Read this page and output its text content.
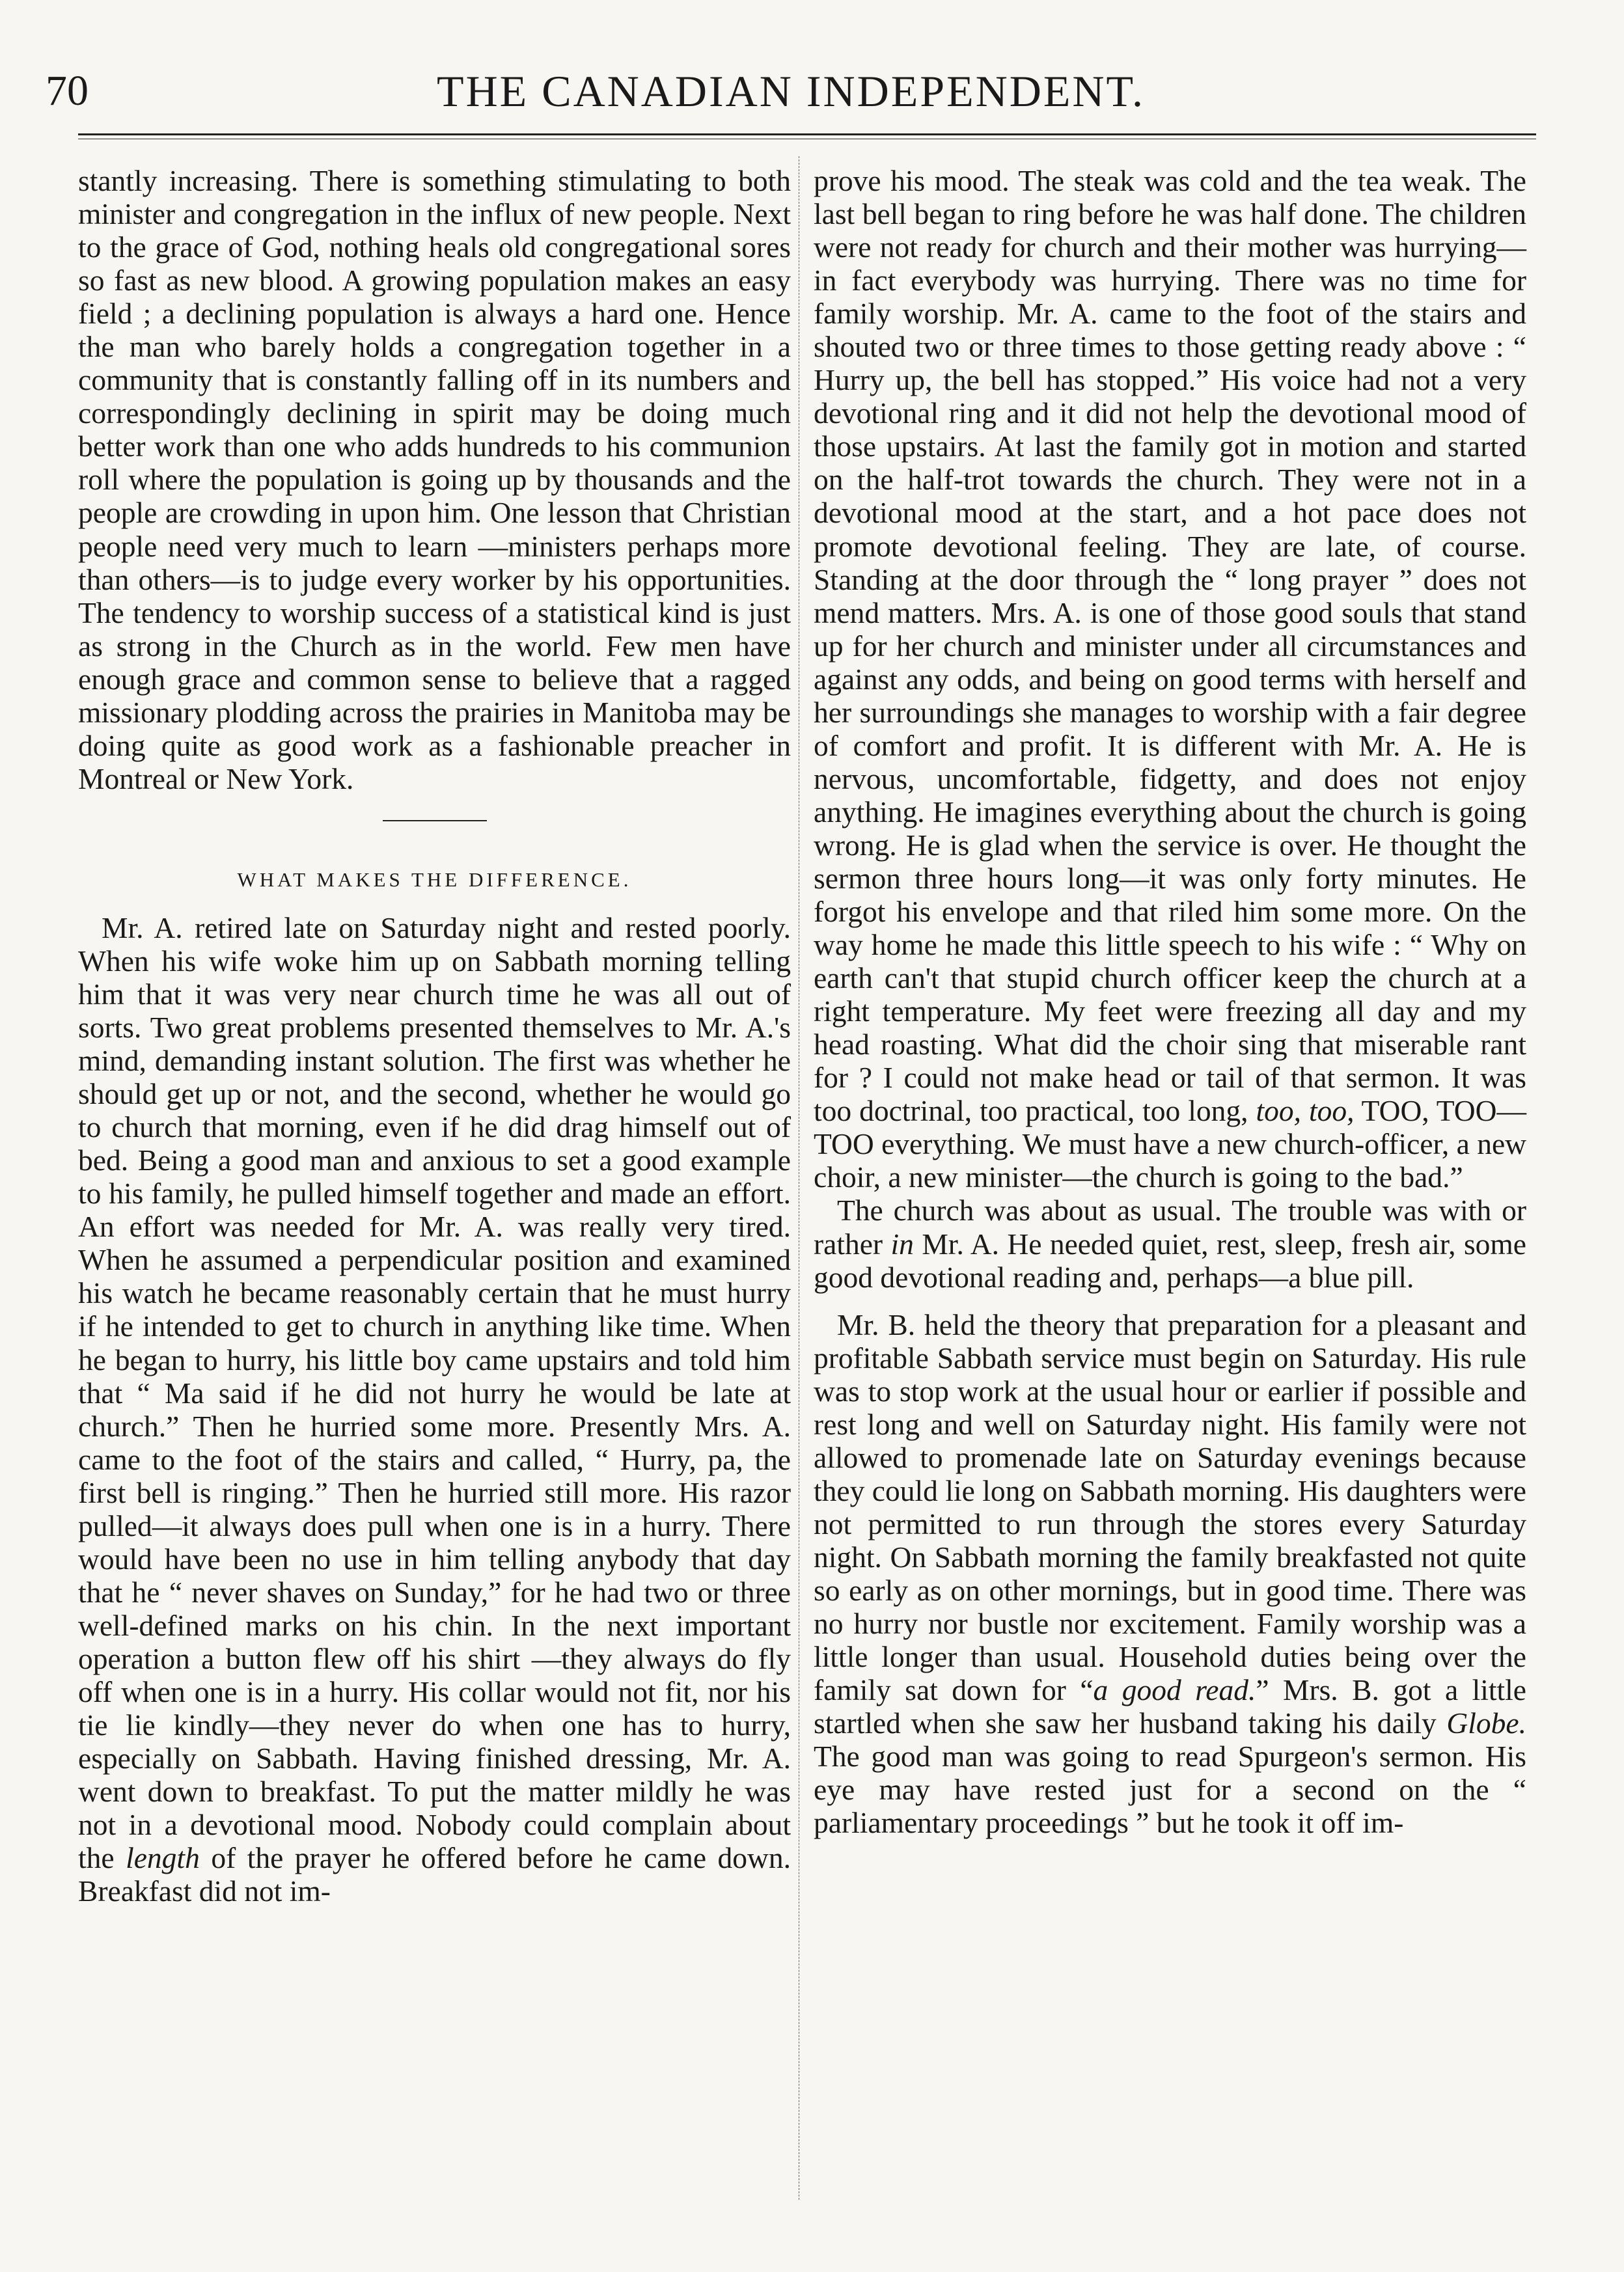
70	THE CANADIAN INDEPENDENT.

stantly increasing. There is something stimulating to both minister and congregation in the influx of new people. Next to the grace of God, nothing heals old congregational sores so fast as new blood. A growing population makes an easy field ; a declining population is always a hard one. Hence the man who barely holds a congregation together in a community that is constantly falling off in its numbers and correspondingly declining in spirit may be doing much better work than one who adds hundreds to his communion roll where the population is going up by thousands and the people are crowding in upon him. One lesson that Christian people need very much to learn —ministers perhaps more than others—is to judge every worker by his opportunities. The tendency to worship success of a statistical kind is just as strong in the Church as in the world. Few men have enough grace and common sense to believe that a ragged missionary plodding across the prairies in Manitoba may be doing quite as good work as a fashionable preacher in Montreal or New York.

WHAT MAKES THE DIFFERENCE.

Mr. A. retired late on Saturday night and rested poorly. When his wife woke him up on Sabbath morning telling him that it was very near church time he was all out of sorts. Two great problems presented themselves to Mr. A.'s mind, demanding instant solution. The first was whether he should get up or not, and the second, whether he would go to church that morning, even if he did drag himself out of bed. Being a good man and anxious to set a good example to his family, he pulled himself together and made an effort. An effort was needed for Mr. A. was really very tired. When he assumed a perpendicular position and examined his watch he became reasonably certain that he must hurry if he intended to get to church in anything like time. When he began to hurry, his little boy came upstairs and told him that “ Ma said if he did not hurry he would be late at church.” Then he hurried some more. Presently Mrs. A. came to the foot of the stairs and called, “ Hurry, pa, the first bell is ringing.” Then he hurried still more. His razor pulled—it always does pull when one is in a hurry. There would have been no use in him telling anybody that day that he “ never shaves on Sunday,” for he had two or three well-defined marks on his chin. In the next important operation a button flew off his shirt —they always do fly off when one is in a hurry. His collar would not fit, nor his tie lie kindly—they never do when one has to hurry, especially on Sabbath. Having finished dressing, Mr. A. went down to breakfast. To put the matter mildly he was not in a devotional mood. Nobody could complain about the length of the prayer he offered before he came down. Breakfast did not im-

prove his mood. The steak was cold and the tea weak. The last bell began to ring before he was half done. The children were not ready for church and their mother was hurrying—in fact everybody was hurrying. There was no time for family worship. Mr. A. came to the foot of the stairs and shouted two or three times to those getting ready above : “ Hurry up, the bell has stopped.” His voice had not a very devotional ring and it did not help the devotional mood of those upstairs. At last the family got in motion and started on the half-trot towards the church. They were not in a devotional mood at the start, and a hot pace does not promote devotional feeling. They are late, of course. Standing at the door through the “ long prayer ” does not mend matters. Mrs. A. is one of those good souls that stand up for her church and minister under all circumstances and against any odds, and being on good terms with herself and her surroundings she manages to worship with a fair degree of comfort and profit. It is different with Mr. A. He is nervous, uncomfortable, fidgetty, and does not enjoy anything. He imagines everything about the church is going wrong. He is glad when the service is over. He thought the sermon three hours long—it was only forty minutes. He forgot his envelope and that riled him some more. On the way home he made this little speech to his wife : “ Why on earth can't that stupid church officer keep the church at a right temperature. My feet were freezing all day and my head roasting. What did the choir sing that miserable rant for ? I could not make head or tail of that sermon. It was too doctrinal, too practical, too long, too, too, TOO, TOO—TOO everything. We must have a new church-officer, a new choir, a new minister—the church is going to the bad.”

The church was about as usual. The trouble was with or rather in Mr. A. He needed quiet, rest, sleep, fresh air, some good devotional reading and, perhaps—a blue pill.

Mr. B. held the theory that preparation for a pleasant and profitable Sabbath service must begin on Saturday. His rule was to stop work at the usual hour or earlier if possible and rest long and well on Saturday night. His family were not allowed to promenade late on Saturday evenings because they could lie long on Sabbath morning. His daughters were not permitted to run through the stores every Saturday night. On Sabbath morning the family breakfasted not quite so early as on other mornings, but in good time. There was no hurry nor bustle nor excitement. Family worship was a little longer than usual. Household duties being over the family sat down for “a good read.” Mrs. B. got a little startled when she saw her husband taking his daily Globe. The good man was going to read Spurgeon's sermon. His eye may have rested just for a second on the “ parliamentary proceedings ” but he took it off im-
